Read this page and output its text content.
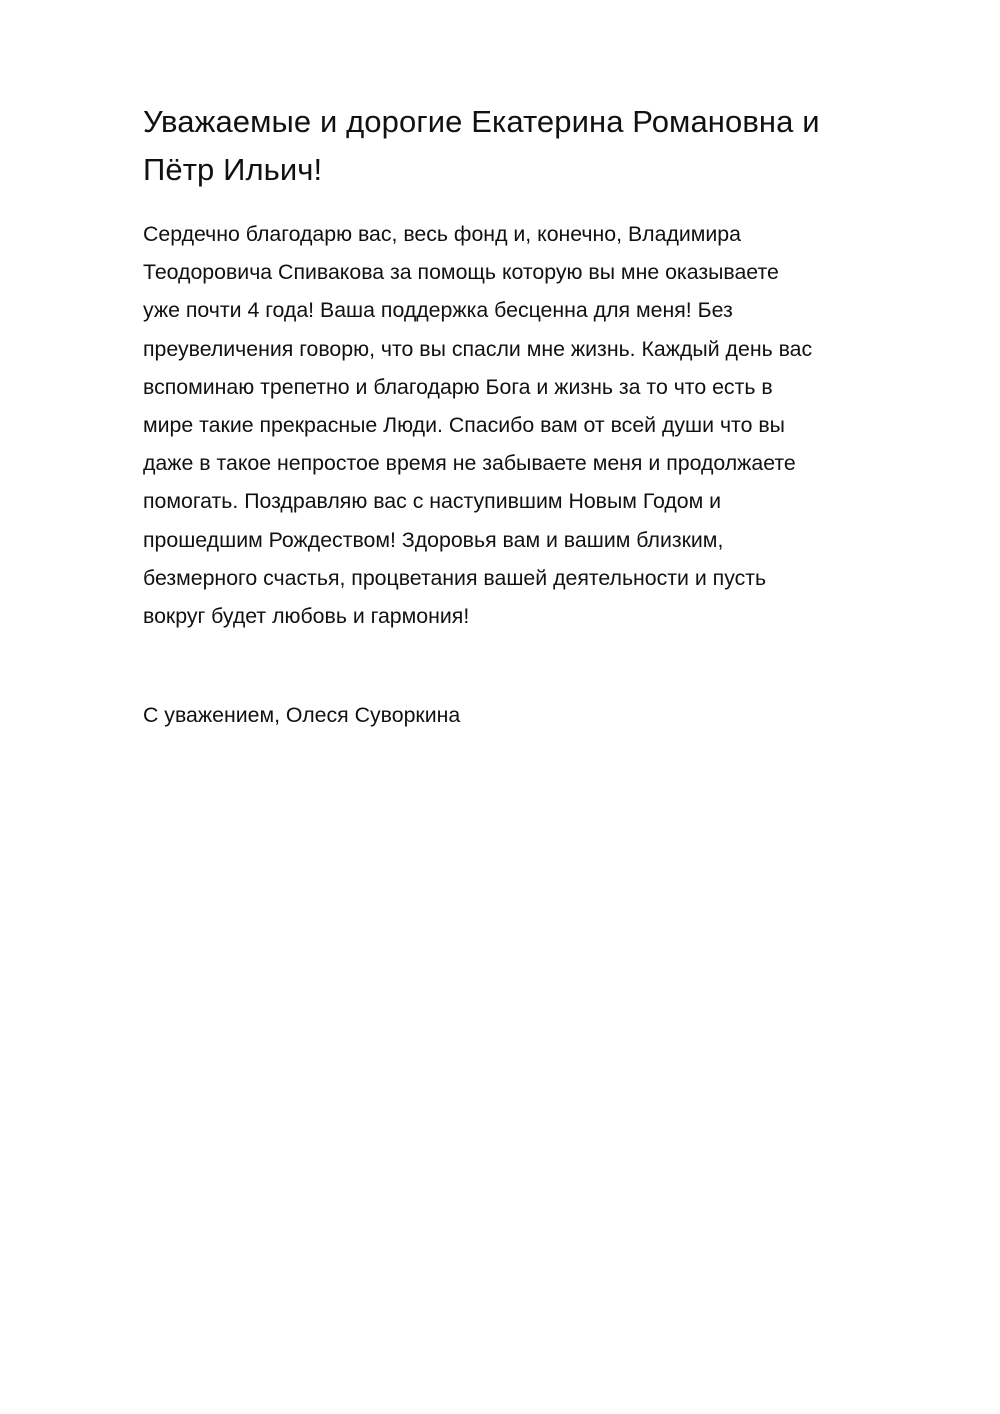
Уважаемые и дорогие Екатерина Романовна и
Пётр Ильич!

Сердечно благодарю вас, весь фонд и, конечно, Владимира
Теодоровича Спивакова за помощь которую вы мне оказываете
уже почти 4 года! Ваша поддержка бесценна для меня! Без
преувеличения говорю, что вы спасли мне жизнь. Каждый день вас
вспоминаю трепетно и благодарю Бога и жизнь за то что есть в
мире такие прекрасные Люди. Спасибо вам от всей души что вы
даже в такое непростое время не забываете меня и продолжаете
помогать. Поздравляю вас с наступившим Новым Годом и
прошедшим Рождеством! Здоровья вам и вашим близким,
безмерного счастья, процветания вашей деятельности и пусть
вокруг будет любовь и гармония!

С уважением, Олеся Суворкина
